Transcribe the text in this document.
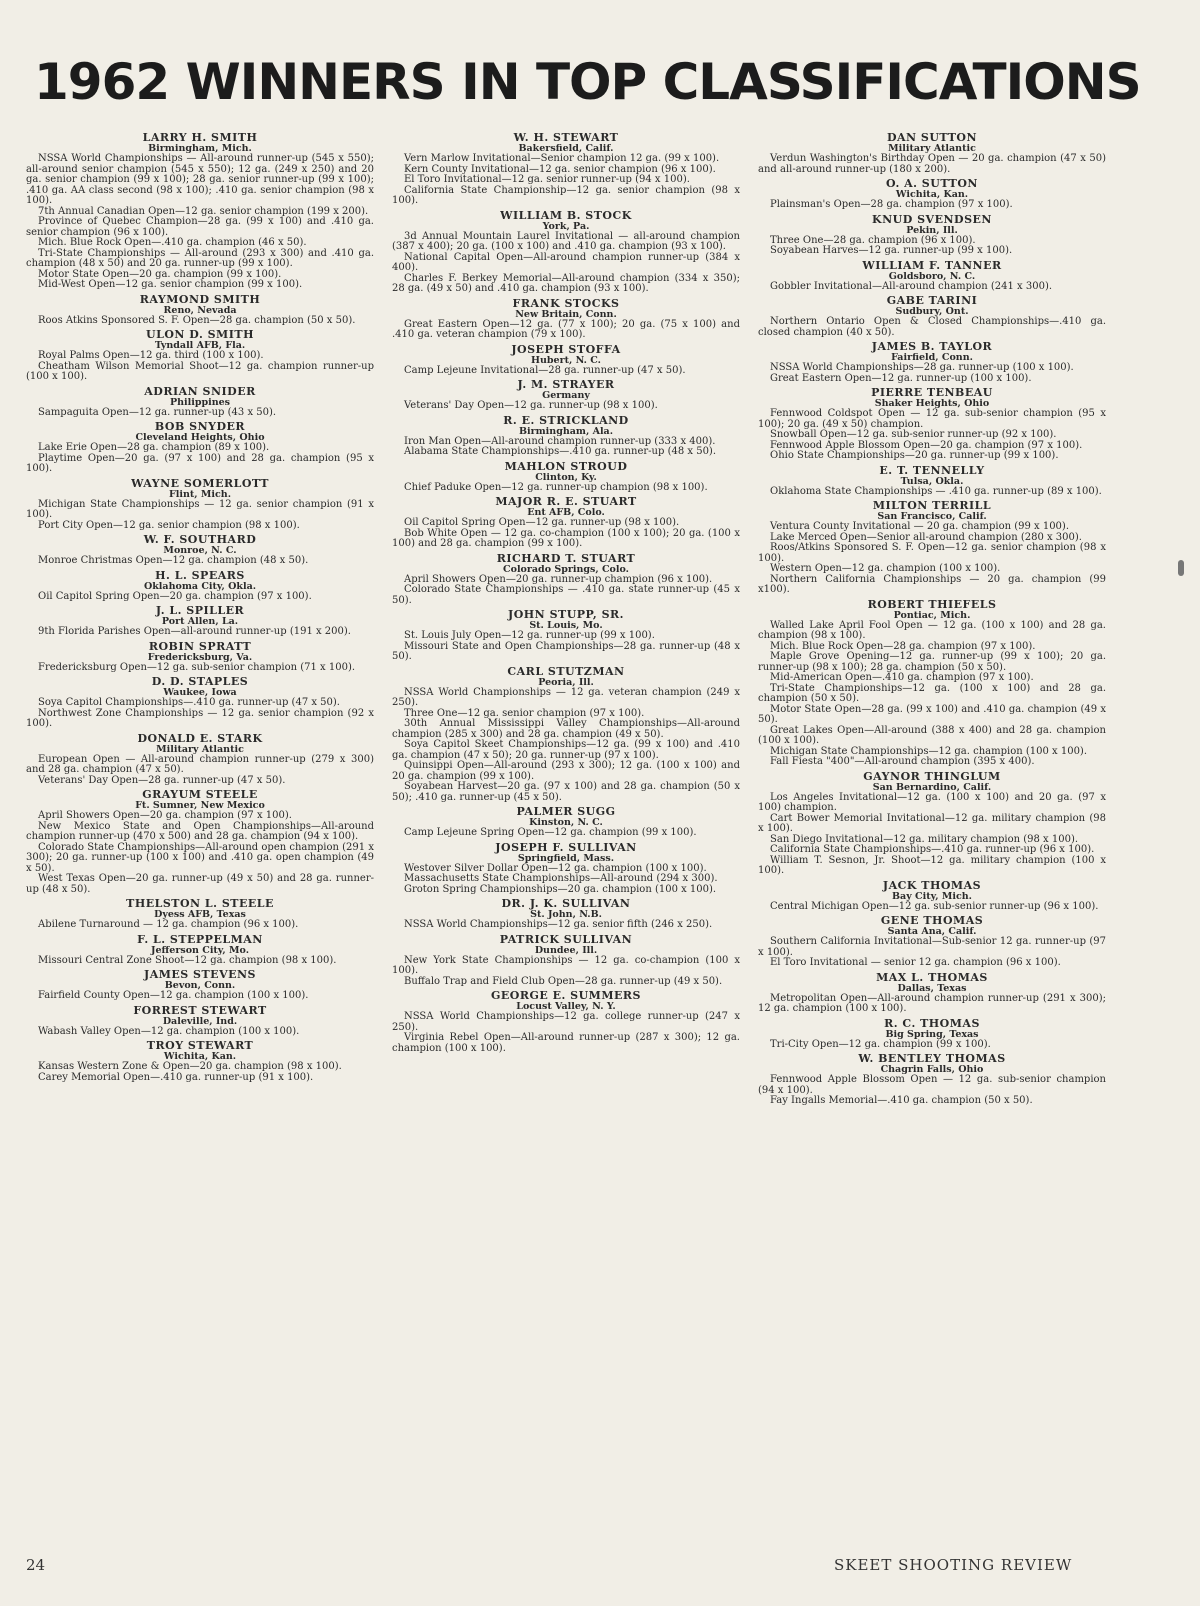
1962 WINNERS IN TOP CLASSIFICATIONS
LARRY H. SMITH
Birmingham, Mich.
NSSA World Championships — All-around runner-up (545 x 550); all-around senior champion (545 x 550); 12 ga. (249 x 250) and 20 ga. senior champion (99 x 100); 28 ga. senior runner-up (99 x 100); .410 ga. AA class second (98 x 100); .410 ga. senior champion (98 x 100).
7th Annual Canadian Open—12 ga. senior champion (199 x 200).
Province of Quebec Champion—28 ga. (99 x 100) and .410 ga. senior champion (96 x 100).
Mich. Blue Rock Open—.410 ga. champion (46 x 50).
Tri-State Championships — All-around (293 x 300) and .410 ga. champion (48 x 50) and 20 ga. runner-up (99 x 100).
Motor State Open—20 ga. champion (99 x 100).
Mid-West Open—12 ga. senior champion (99 x 100).
RAYMOND SMITH
Reno, Nevada
Roos Atkins Sponsored S. F. Open—28 ga. champion (50 x 50).
ULON D. SMITH
Tyndall AFB, Fla.
Royal Palms Open—12 ga. third (100 x 100).
Cheatham Wilson Memorial Shoot—12 ga. champion runner-up (100 x 100).
ADRIAN SNIDER
Philippines
Sampaguita Open—12 ga. runner-up (43 x 50).
BOB SNYDER
Cleveland Heights, Ohio
Lake Erie Open—28 ga. champion (89 x 100).
Playtime Open—20 ga. (97 x 100) and 28 ga. champion (95 x 100).
WAYNE SOMERLOTT
Flint, Mich.
Michigan State Championships — 12 ga. senior champion (91 x 100).
Port City Open—12 ga. senior champion (98 x 100).
W. F. SOUTHARD
Monroe, N. C.
Monroe Christmas Open—12 ga. champion (48 x 50).
H. L. SPEARS
Oklahoma City, Okla.
Oil Capitol Spring Open—20 ga. champion (97 x 100).
J. L. SPILLER
Port Allen, La.
9th Florida Parishes Open—all-around runner-up (191 x 200).
ROBIN SPRATT
Fredericksburg, Va.
Fredericksburg Open—12 ga. sub-senior champion (71 x 100).
D. D. STAPLES
Waukee, Iowa
Soya Capitol Championships—.410 ga. runner-up (47 x 50).
Northwest Zone Championships — 12 ga. senior champion (92 x 100).
DONALD E. STARK
Military Atlantic
European Open — All-around champion runner-up (279 x 300) and 28 ga. champion (47 x 50).
Veterans' Day Open—28 ga. runner-up (47 x 50).
GRAYUM STEELE
Ft. Sumner, New Mexico
April Showers Open—20 ga. champion (97 x 100).
New Mexico State and Open Championships—All-around champion runner-up (470 x 500) and 28 ga. champion (94 x 100).
Colorado State Championships—All-around open champion (291 x 300); 20 ga. runner-up (100 x 100) and .410 ga. open champion (49 x 50).
West Texas Open—20 ga. runner-up (49 x 50) and 28 ga. runner-up (48 x 50).
THELSTON L. STEELE
Dyess AFB, Texas
Abilene Turnaround — 12 ga. champion (96 x 100).
F. L. STEPPELMAN
Jefferson City, Mo.
Missouri Central Zone Shoot—12 ga. champion (98 x 100).
JAMES STEVENS
Bevon, Conn.
Fairfield County Open—12 ga. champion (100 x 100).
FORREST STEWART
Daleville, Ind.
Wabash Valley Open—12 ga. champion (100 x 100).
TROY STEWART
Wichita, Kan.
Kansas Western Zone & Open—20 ga. champion (98 x 100).
Carey Memorial Open—.410 ga. runner-up (91 x 100).
W. H. STEWART
Bakersfield, Calif.
Vern Marlow Invitational—Senior champion 12 ga. (99 x 100).
Kern County Invitational—12 ga. senior champion (96 x 100).
El Toro Invitational—12 ga. senior runner-up (94 x 100).
California State Championship—12 ga. senior champion (98 x 100).
WILLIAM B. STOCK
York, Pa.
3d Annual Mountain Laurel Invitational — all-around champion (387 x 400); 20 ga. (100 x 100) and .410 ga. champion (93 x 100).
National Capital Open—All-around champion runner-up (384 x 400).
Charles F. Berkey Memorial—All-around champion (334 x 350); 28 ga. (49 x 50) and .410 ga. champion (93 x 100).
FRANK STOCKS
New Britain, Conn.
Great Eastern Open—12 ga. (77 x 100); 20 ga. (75 x 100) and .410 ga. veteran champion (79 x 100).
JOSEPH STOFFA
Hubert, N. C.
Camp Lejeune Invitational—28 ga. runner-up (47 x 50).
J. M. STRAYER
Germany
Veterans' Day Open—12 ga. runner-up (98 x 100).
R. E. STRICKLAND
Birmingham, Ala.
Iron Man Open—All-around champion runner-up (333 x 400).
Alabama State Championships—.410 ga. runner-up (48 x 50).
MAHLON STROUD
Clinton, Ky.
Chief Paduke Open—12 ga. runner-up champion (98 x 100).
MAJOR R. E. STUART
Ent AFB, Colo.
Oil Capitol Spring Open—12 ga. runner-up (98 x 100).
Bob White Open — 12 ga. co-champion (100 x 100); 20 ga. (100 x 100) and 28 ga. champion (99 x 100).
RICHARD T. STUART
Colorado Springs, Colo.
April Showers Open—20 ga. runner-up champion (96 x 100).
Colorado State Championships — .410 ga. state runner-up (45 x 50).
JOHN STUPP, SR.
St. Louis, Mo.
St. Louis July Open—12 ga. runner-up (99 x 100).
Missouri State and Open Championships—28 ga. runner-up (48 x 50).
CARL STUTZMAN
Peoria, Ill.
NSSA World Championships — 12 ga. veteran champion (249 x 250).
Three One—12 ga. senior champion (97 x 100).
30th Annual Mississippi Valley Championships—All-around champion (285 x 300) and 28 ga. champion (49 x 50).
Soya Capitol Skeet Championships—12 ga. (99 x 100) and .410 ga. champion (47 x 50); 20 ga. runner-up (97 x 100).
Quinsippi Open—All-around (293 x 300); 12 ga. (100 x 100) and 20 ga. champion (99 x 100).
Soyabean Harvest—20 ga. (97 x 100) and 28 ga. champion (50 x 50); .410 ga. runner-up (45 x 50).
PALMER SUGG
Kinston, N. C.
Camp Lejeune Spring Open—12 ga. champion (99 x 100).
JOSEPH F. SULLIVAN
Springfield, Mass.
Westover Silver Dollar Open—12 ga. champion (100 x 100).
Massachusetts State Championships—All-around (294 x 300).
Groton Spring Championships—20 ga. champion (100 x 100).
DR. J. K. SULLIVAN
St. John, N.B.
NSSA World Championships—12 ga. senior fifth (246 x 250).
PATRICK SULLIVAN
Dundee, Ill.
New York State Championships — 12 ga. co-champion (100 x 100).
Buffalo Trap and Field Club Open—28 ga. runner-up (49 x 50).
GEORGE E. SUMMERS
Locust Valley, N. Y.
NSSA World Championships—12 ga. college runner-up (247 x 250).
Virginia Rebel Open—All-around runner-up (287 x 300); 12 ga. champion (100 x 100).
DAN SUTTON
Military Atlantic
Verdun Washington's Birthday Open — 20 ga. champion (47 x 50) and all-around runner-up (180 x 200).
O. A. SUTTON
Wichita, Kan.
Plainsman's Open—28 ga. champion (97 x 100).
KNUD SVENDSEN
Pekin, Ill.
Three One—28 ga. champion (96 x 100).
Soyabean Harves—12 ga. runner-up (99 x 100).
WILLIAM F. TANNER
Goldsboro, N. C.
Gobbler Invitational—All-around champion (241 x 300).
GABE TARINI
Sudbury, Ont.
Northern Ontario Open & Closed Championships—.410 ga. closed champion (40 x 50).
JAMES B. TAYLOR
Fairfield, Conn.
NSSA World Championships—28 ga. runner-up (100 x 100).
Great Eastern Open—12 ga. runner-up (100 x 100).
PIERRE TENBEAU
Shaker Heights, Ohio
Fennwood Coldspot Open — 12 ga. sub-senior champion (95 x 100); 20 ga. (49 x 50) champion.
Snowball Open—12 ga. sub-senior runner-up (92 x 100).
Fennwood Apple Blossom Open—20 ga. champion (97 x 100).
Ohio State Championships—20 ga. runner-up (99 x 100).
E. T. TENNELLY
Tulsa, Okla.
Oklahoma State Championships — .410 ga. runner-up (89 x 100).
MILTON TERRILL
San Francisco, Calif.
Ventura County Invitational — 20 ga. champion (99 x 100).
Lake Merced Open—Senior all-around champion (280 x 300).
Roos/Atkins Sponsored S. F. Open—12 ga. senior champion (98 x 100).
Western Open—12 ga. champion (100 x 100).
Northern California Championships — 20 ga. champion (99 x100).
ROBERT THIEFELS
Pontiac, Mich.
Walled Lake April Fool Open — 12 ga. (100 x 100) and 28 ga. champion (98 x 100).
Mich. Blue Rock Open—28 ga. champion (97 x 100).
Maple Grove Opening—12 ga. runner-up (99 x 100); 20 ga. runner-up (98 x 100); 28 ga. champion (50 x 50).
Mid-American Open—.410 ga. champion (97 x 100).
Tri-State Championships—12 ga. (100 x 100) and 28 ga. champion (50 x 50).
Motor State Open—28 ga. (99 x 100) and .410 ga. champion (49 x 50).
Great Lakes Open—All-around (388 x 400) and 28 ga. champion (100 x 100).
Michigan State Championships—12 ga. champion (100 x 100).
Fall Fiesta "400"—All-around champion (395 x 400).
GAYNOR THINGLUM
San Bernardino, Calif.
Los Angeles Invitational—12 ga. (100 x 100) and 20 ga. (97 x 100) champion.
Cart Bower Memorial Invitational—12 ga. military champion (98 x 100).
San Diego Invitational—12 ga. military champion (98 x 100).
California State Championships—.410 ga. runner-up (96 x 100).
William T. Sesnon, Jr. Shoot—12 ga. military champion (100 x 100).
JACK THOMAS
Bay City, Mich.
Central Michigan Open—12 ga. sub-senior runner-up (96 x 100).
GENE THOMAS
Santa Ana, Calif.
Southern California Invitational—Sub-senior 12 ga. runner-up (97 x 100).
El Toro Invitational — senior 12 ga. champion (96 x 100).
MAX L. THOMAS
Dallas, Texas
Metropolitan Open—All-around champion runner-up (291 x 300); 12 ga. champion (100 x 100).
R. C. THOMAS
Big Spring, Texas
Tri-City Open—12 ga. champion (99 x 100).
W. BENTLEY THOMAS
Chagrin Falls, Ohio
Fennwood Apple Blossom Open — 12 ga. sub-senior champion (94 x 100).
Fay Ingalls Memorial—.410 ga. champion (50 x 50).
24	SKEET SHOOTING REVIEW
